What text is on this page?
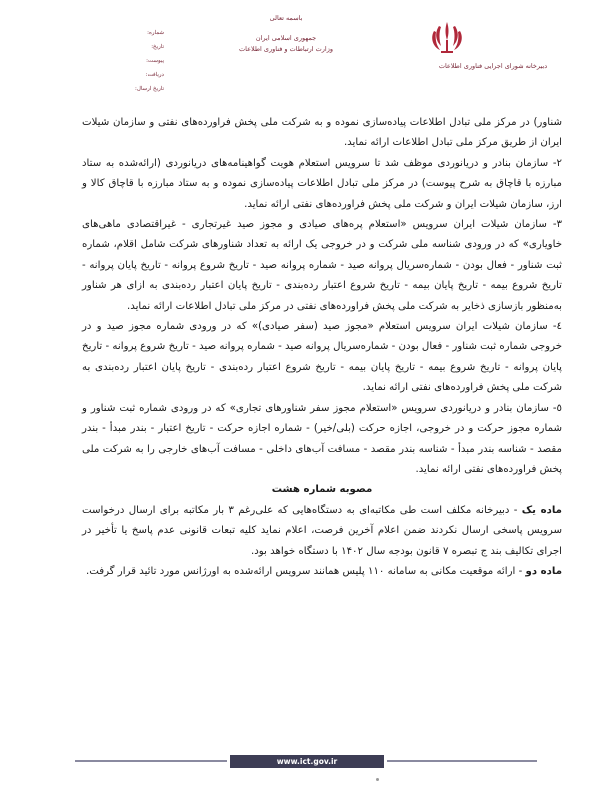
دبیرخانه شورای اجرایی فناوری اطلاعات
باسمه تعالی
جمهوری اسلامی ایران
وزارت ارتباطات و فناوری اطلاعات
شماره:
تاریخ:
پیوست:
دریافت:
تاریخ ارسال:

شناور) در مرکز ملی تبادل اطلاعات پیاده‌سازی نموده و به شرکت ملی پخش فراورده‌های نفتی و سازمان شیلات ایران از طریق مرکز ملی تبادل اطلاعات ارائه نماید.

۲- سازمان بنادر و دریانوردی موظف شد تا سرویس استعلام هویت گواهینامه‌های دریانوردی (ارائه‌شده به ستاد مبارزه با قاچاق به شرح پیوست) در مرکز ملی تبادل اطلاعات پیاده‌سازی نموده و به ستاد مبارزه با قاچاق کالا و ارز، سازمان شیلات ایران و شرکت ملی پخش فراورده‌های نفتی ارائه نماید.

۳- سازمان شیلات ایران سرویس «استعلام پره‌های صیادی و مجوز صید غیرتجاری - غیراقتصادی ماهی‌های خاویاری» که در ورودی شناسه ملی شرکت و در خروجی یک ارائه به تعداد شناورهای شرکت شامل اقلام، شماره ثبت شناور - فعال بودن - شماره‌سریال پروانه صید - شماره پروانه صید - تاریخ شروع پروانه - تاریخ پایان پروانه - تاریخ شروع بیمه - تاریخ پایان بیمه - تاریخ شروع اعتبار رده‌بندی - تاریخ پایان اعتبار رده‌بندی به ازای هر شناور به‌منظور بازسازی ذخایر به شرکت ملی پخش فراورده‌های نفتی در مرکز ملی تبادل اطلاعات ارائه نماید.

٤- سازمان شیلات ایران سرویس استعلام «مجوز صید (سفر صیادی)» که در ورودی شماره مجوز صید و در خروجی شماره ثبت شناور - فعال بودن - شماره‌سریال پروانه صید - شماره پروانه صید - تاریخ شروع پروانه - تاریخ پایان پروانه - تاریخ شروع بیمه - تاریخ پایان بیمه - تاریخ شروع اعتبار رده‌بندی - تاریخ پایان اعتبار رده‌بندی به شرکت ملی پخش فراورده‌های نفتی ارائه نماید.

٥- سازمان بنادر و دریانوردی سرویس «استعلام مجوز سفر شناورهای تجاری» که در ورودی شماره ثبت شناور و شماره مجوز حرکت و در خروجی، اجازه حرکت (بلی/خیر) - شماره اجازه حرکت - تاریخ اعتبار - بندر مبدأ - بندر مقصد - شناسه بندر مبدأ - شناسه بندر مقصد - مسافت آب‌های داخلی - مسافت آب‌های خارجی را به شرکت ملی پخش فراورده‌های نفتی ارائه نماید.

مصوبه شماره هشت

ماده یک - دبیرخانه مکلف است طی مکاتبه‌ای به دستگاه‌هایی که علی‌رغم ۳ بار مکاتبه برای ارسال درخواست سرویس پاسخی ارسال نکردند ضمن اعلام آخرین فرصت، اعلام نماید کلیه تبعات قانونی عدم پاسخ یا تأخیر در اجرای تکالیف بند ج تبصره ۷ قانون بودجه سال ۱۴۰۲ با دستگاه خواهد بود.

ماده دو - ارائه موقعیت مکانی به سامانه ۱۱۰ پلیس همانند سرویس ارائه‌شده به اورژانس مورد تائید قرار گرفت.

www.ict.gov.ir
